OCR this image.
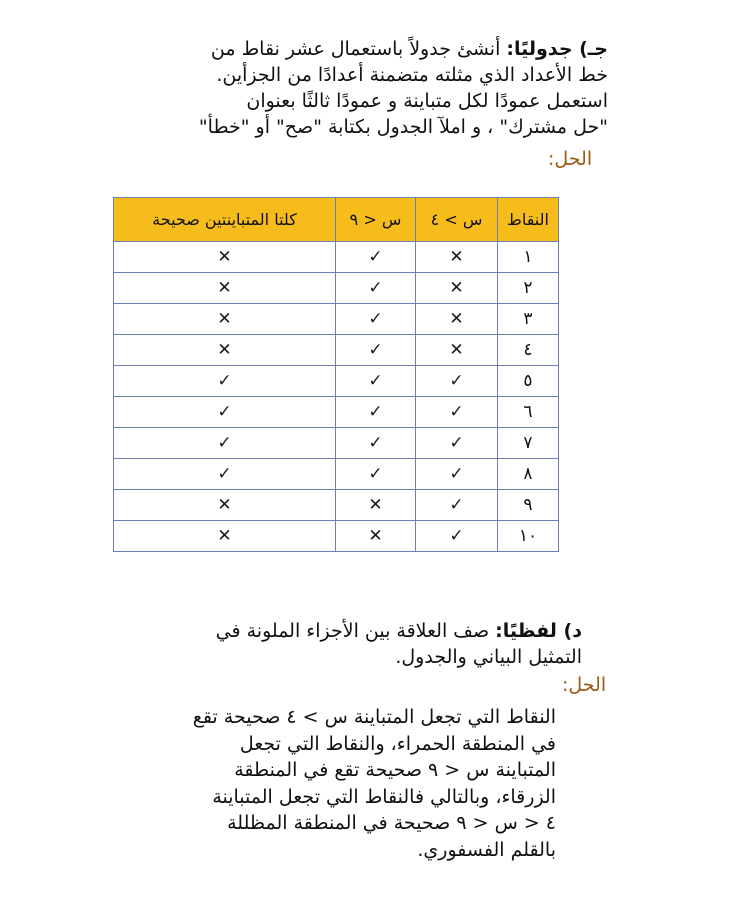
جـ) جدوليًا: أنشئ جدولاً باستعمال عشر نقاط من
خط الأعداد الذي مثلته متضمنة أعدادًا من الجزأين.
استعمل عمودًا لكل متباينة و عمودًا ثالثًا بعنوان
"حل مشترك" ، و املآ الجدول بكتابة "صح" أو "خطأ"
الحل:
النقاط	س > ٤	س < ٩	كلتا المتباينتين صحيحة
١	✕	✓	✕
٢	✕	✓	✕
٣	✕	✓	✕
٤	✕	✓	✕
٥	✓	✓	✓
٦	✓	✓	✓
٧	✓	✓	✓
٨	✓	✓	✓
٩	✓	✕	✕
١٠	✓	✕	✕
د) لفظيًا: صف العلاقة بين الأجزاء الملونة في
التمثيل البياني والجدول.
الحل:
النقاط التي تجعل المتباينة س > ٤ صحيحة تقع
في المنطقة الحمراء، والنقاط التي تجعل
المتباينة س < ٩ صحيحة تقع في المنطقة
الزرقاء، وبالتالي فالنقاط التي تجعل المتباينة
٤ < س < ٩ صحيحة في المنطقة المظللة
بالقلم الفسفوري.
